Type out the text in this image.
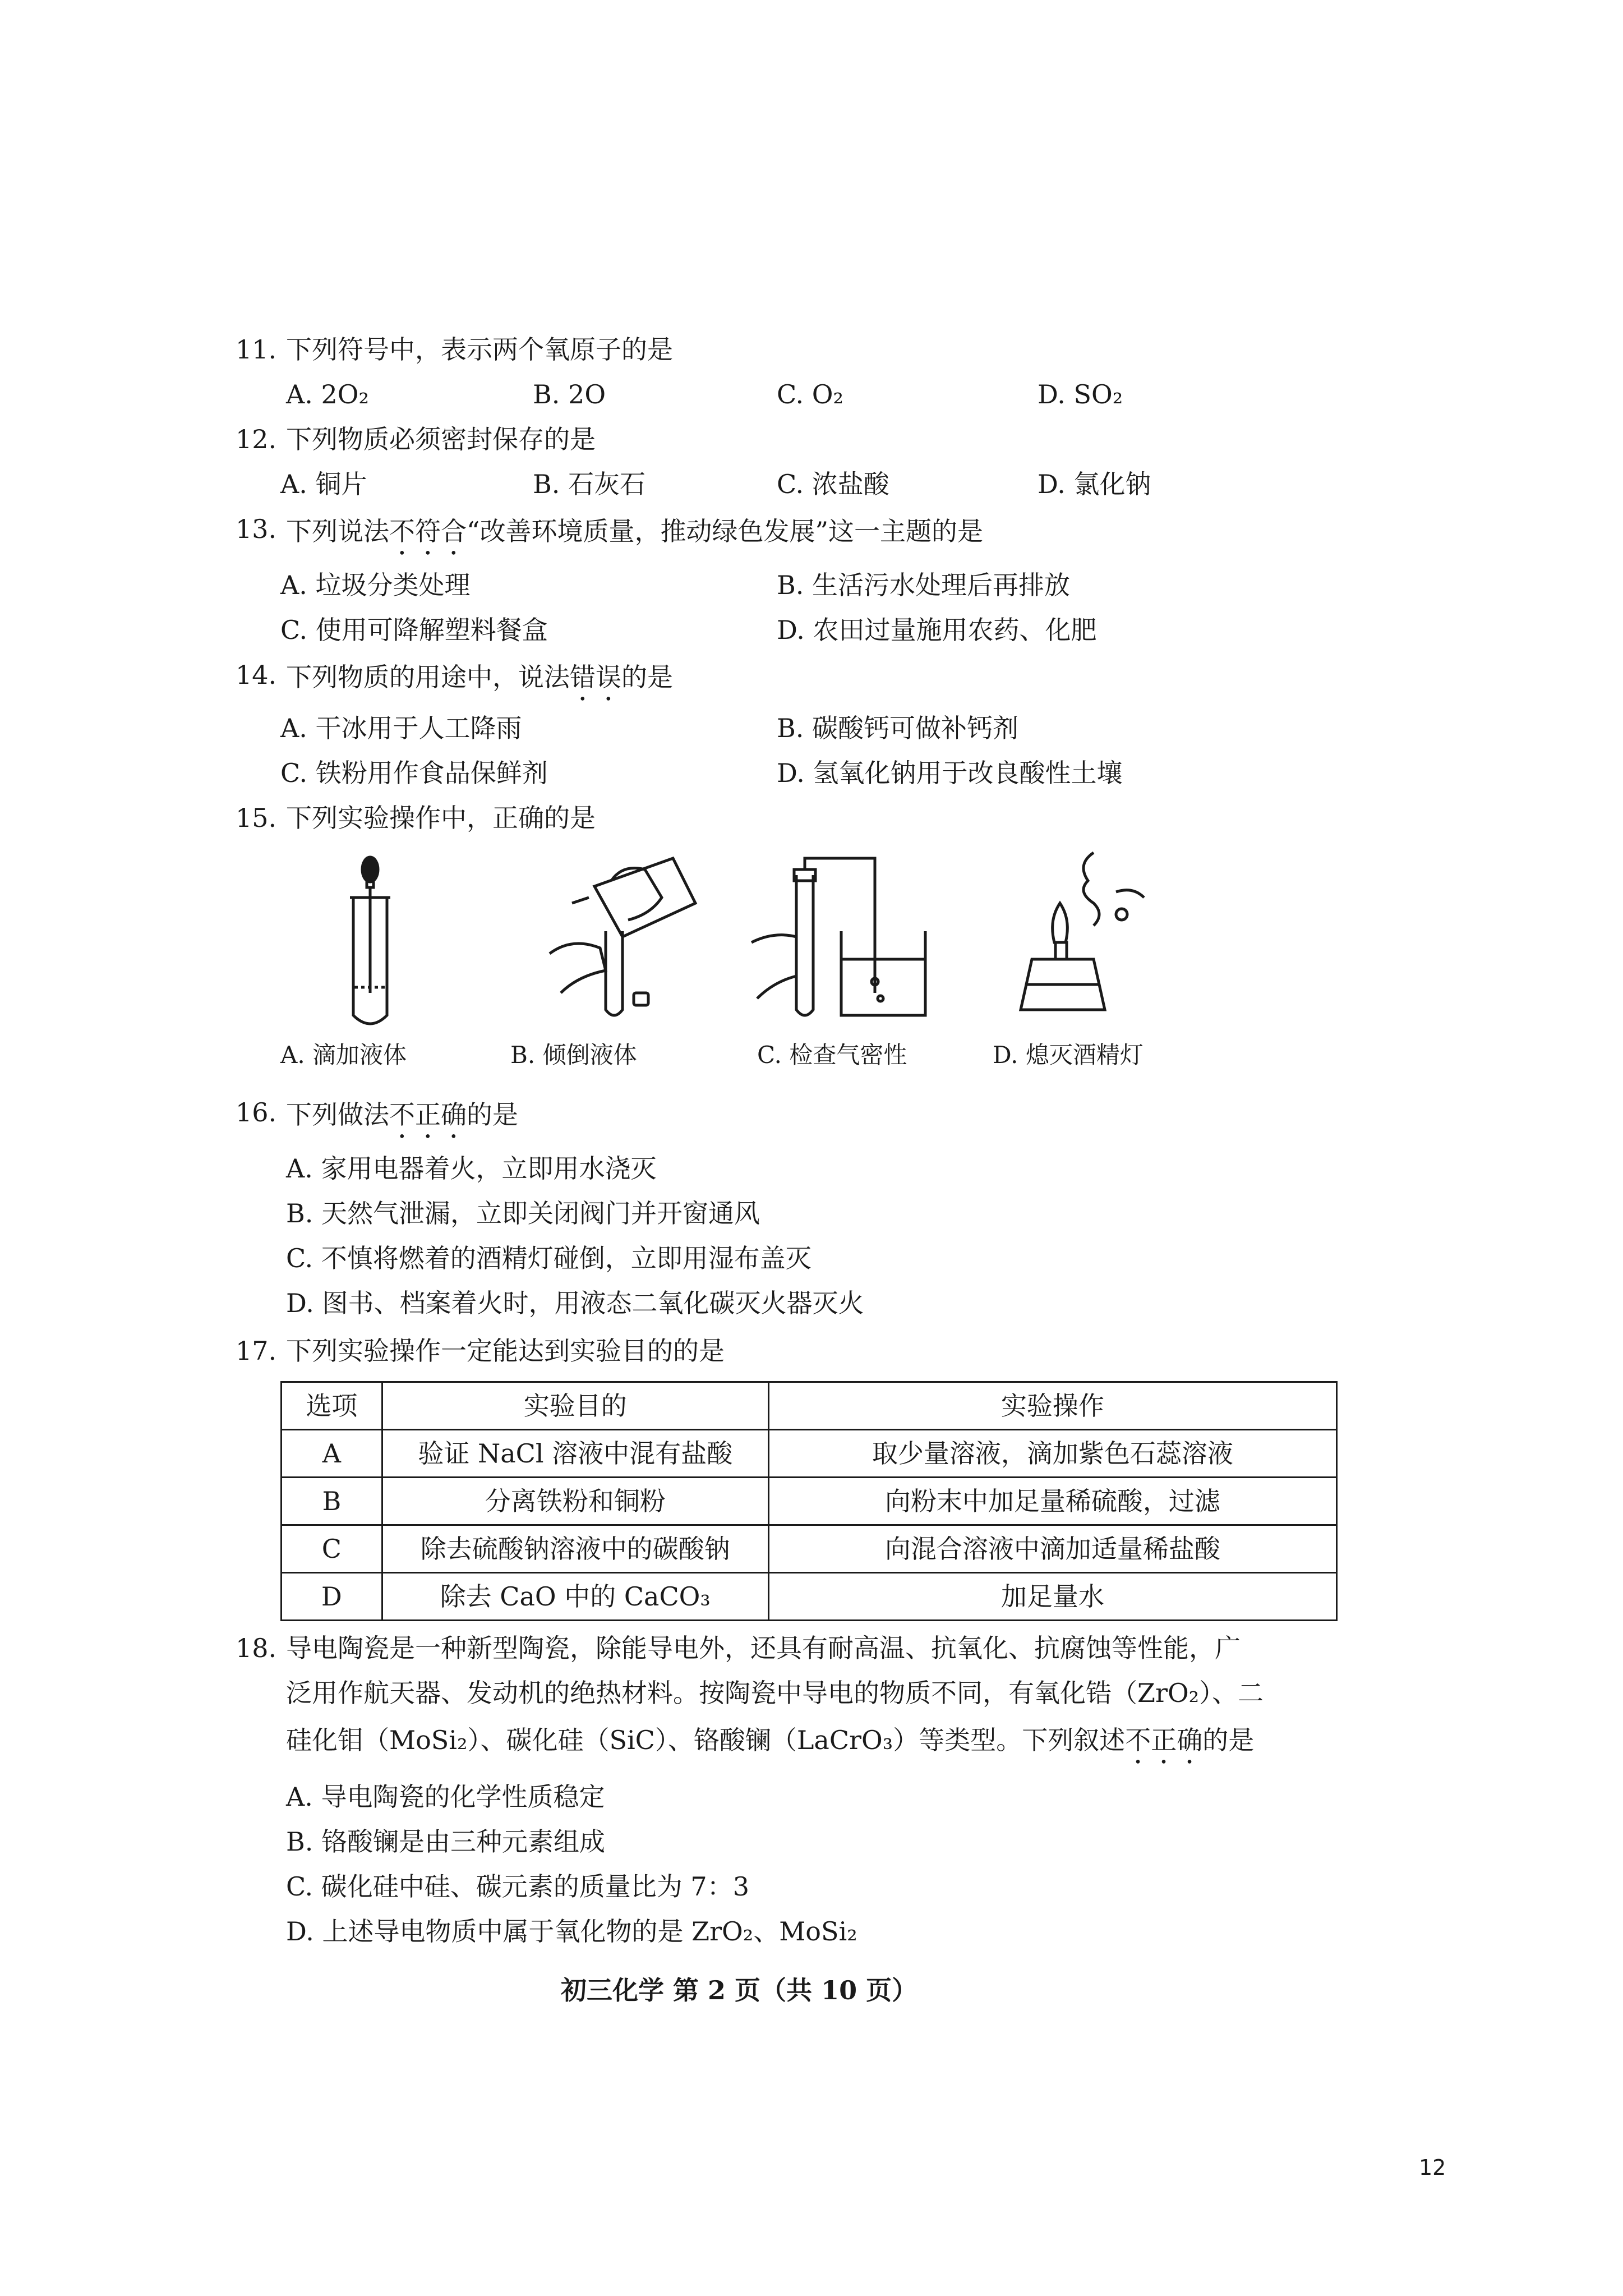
11. 下列符号中，表示两个氧原子的是
A. 2O₂	B. 2O	C. O₂	D. SO₂
12. 下列物质必须密封保存的是
A. 铜片	B. 石灰石	C. 浓盐酸	D. 氯化钠
13. 下列说法不符合“改善环境质量，推动绿色发展”这一主题的是
A. 垃圾分类处理	B. 生活污水处理后再排放
C. 使用可降解塑料餐盒	D. 农田过量施用农药、化肥
14. 下列物质的用途中，说法错误的是
A. 干冰用于人工降雨	B. 碳酸钙可做补钙剂
C. 铁粉用作食品保鲜剂	D. 氢氧化钠用于改良酸性土壤
15. 下列实验操作中，正确的是
A. 滴加液体	B. 倾倒液体	C. 检查气密性	D. 熄灭酒精灯
16. 下列做法不正确的是
A. 家用电器着火，立即用水浇灭
B. 天然气泄漏，立即关闭阀门并开窗通风
C. 不慎将燃着的酒精灯碰倒，立即用湿布盖灭
D. 图书、档案着火时，用液态二氧化碳灭火器灭火
17. 下列实验操作一定能达到实验目的的是
选项	实验目的	实验操作
A	验证 NaCl 溶液中混有盐酸	取少量溶液，滴加紫色石蕊溶液
B	分离铁粉和铜粉	向粉末中加足量稀硫酸，过滤
C	除去硫酸钠溶液中的碳酸钠	向混合溶液中滴加适量稀盐酸
D	除去 CaO 中的 CaCO₃	加足量水
18. 导电陶瓷是一种新型陶瓷，除能导电外，还具有耐高温、抗氧化、抗腐蚀等性能，广
泛用作航天器、发动机的绝热材料。按陶瓷中导电的物质不同，有氧化锆（ZrO₂）、二
硅化钼（MoSi₂）、碳化硅（SiC）、铬酸镧（LaCrO₃）等类型。下列叙述不正确的是
A. 导电陶瓷的化学性质稳定
B. 铬酸镧是由三种元素组成
C. 碳化硅中硅、碳元素的质量比为 7：3
D. 上述导电物质中属于氧化物的是 ZrO₂、MoSi₂
初三化学 第 2 页（共 10 页）
12
